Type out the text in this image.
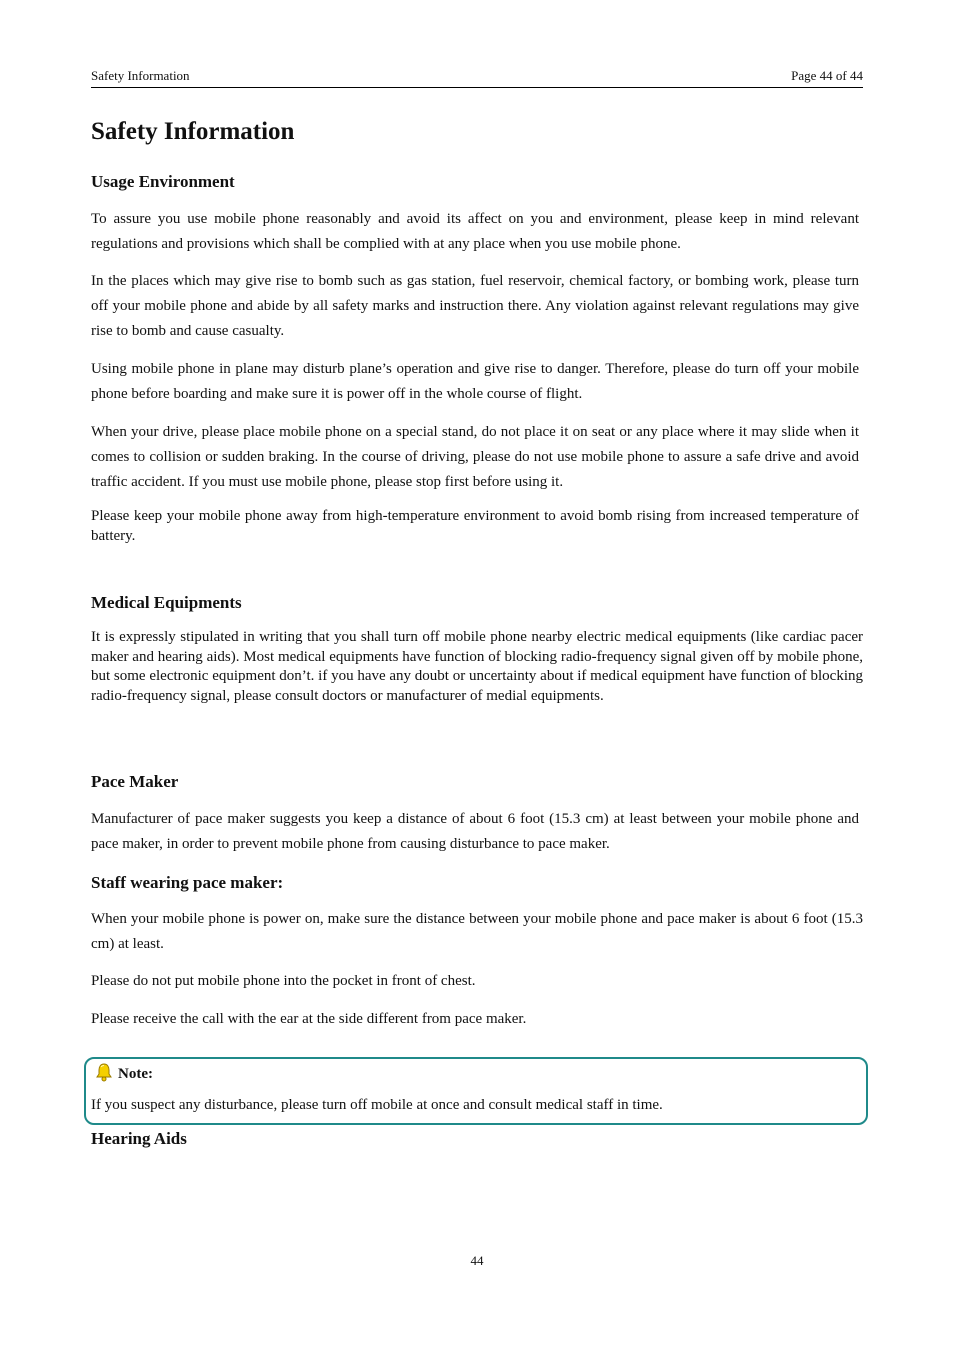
Safety Information	Page 44 of 44
Safety Information
Usage Environment

To assure you use mobile phone reasonably and avoid its affect on you and environment, please keep in mind relevant regulations and provisions which shall be complied with at any place when you use mobile phone.

In the places which may give rise to bomb such as gas station, fuel reservoir, chemical factory, or bombing work, please turn off your mobile phone and abide by all safety marks and instruction there. Any violation against relevant regulations may give rise to bomb and cause casualty.

Using mobile phone in plane may disturb plane’s operation and give rise to danger. Therefore, please do turn off your mobile phone before boarding and make sure it is power off in the whole course of flight.

When your drive, please place mobile phone on a special stand, do not place it on seat or any place where it may slide when it comes to collision or sudden braking. In the course of driving, please do not use mobile phone to assure a safe drive and avoid traffic accident. If you must use mobile phone, please stop first before using it.

Please keep your mobile phone away from high-temperature environment to avoid bomb rising from increased temperature of battery.

Medical Equipments

It is expressly stipulated in writing that you shall turn off mobile phone nearby electric medical equipments (like cardiac pacer maker and hearing aids). Most medical equipments have function of blocking radio-frequency signal given off by mobile phone, but some electronic equipment don’t. if you have any doubt or uncertainty about if medical equipment have function of blocking radio-frequency signal, please consult doctors or manufacturer of medial equipments.

Pace Maker

Manufacturer of pace maker suggests you keep a distance of about 6 foot (15.3 cm) at least between your mobile phone and pace maker, in order to prevent mobile phone from causing disturbance to pace maker.

Staff wearing pace maker:

When your mobile phone is power on, make sure the distance between your mobile phone and pace maker is about 6 foot (15.3 cm) at least.

Please do not put mobile phone into the pocket in front of chest.

Please receive the call with the ear at the side different from pace maker.

Note:
If you suspect any disturbance, please turn off mobile at once and consult medical staff in time.
Hearing Aids
44
